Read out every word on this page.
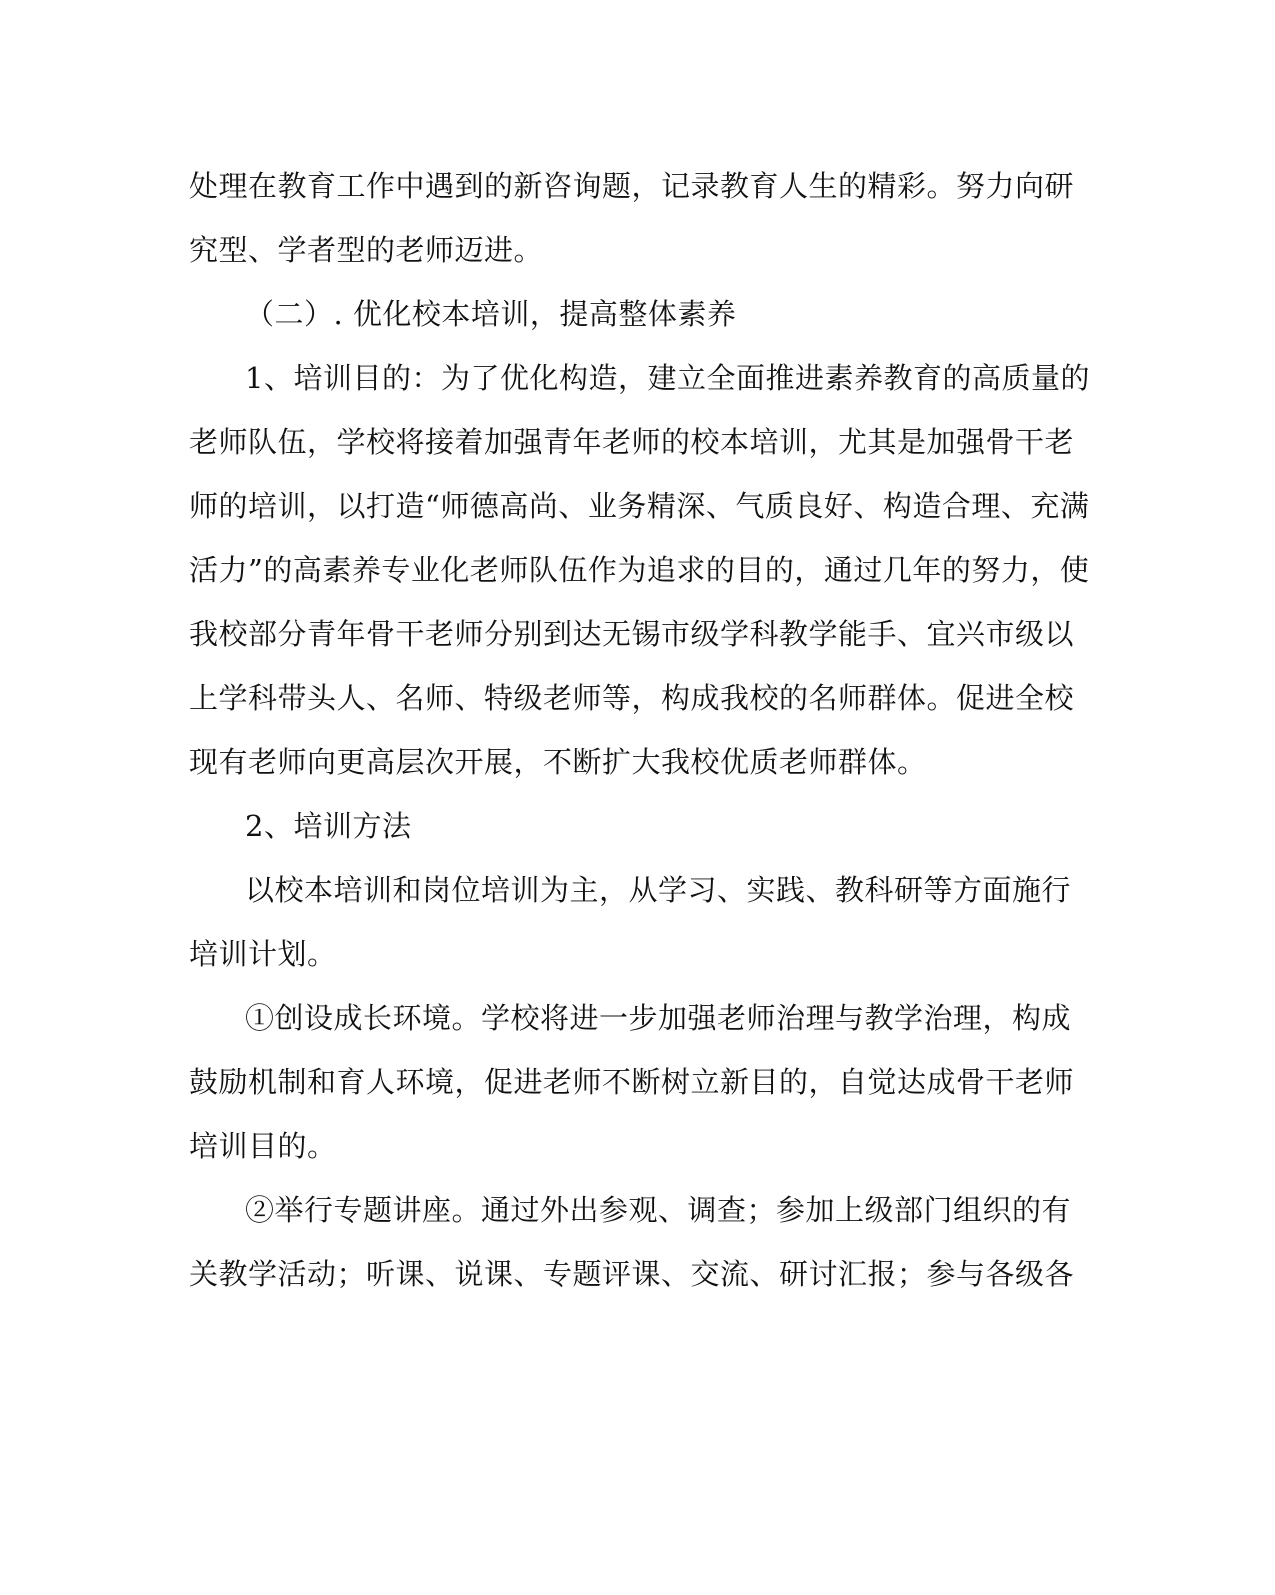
处理在教育工作中遇到的新咨询题，记录教育人生的精彩。努力向研
究型、学者型的老师迈进。
（二）. 优化校本培训，提高整体素养
1、培训目的：为了优化构造，建立全面推进素养教育的高质量的
老师队伍，学校将接着加强青年老师的校本培训，尤其是加强骨干老
师的培训，以打造“师德高尚、业务精深、气质良好、构造合理、充满
活力”的高素养专业化老师队伍作为追求的目的，通过几年的努力，使
我校部分青年骨干老师分别到达无锡市级学科教学能手、宜兴市级以
上学科带头人、名师、特级老师等，构成我校的名师群体。促进全校
现有老师向更高层次开展，不断扩大我校优质老师群体。
2、培训方法
以校本培训和岗位培训为主，从学习、实践、教科研等方面施行
培训计划。
①创设成长环境。学校将进一步加强老师治理与教学治理，构成
鼓励机制和育人环境，促进老师不断树立新目的，自觉达成骨干老师
培训目的。
②举行专题讲座。通过外出参观、调查；参加上级部门组织的有
关教学活动；听课、说课、专题评课、交流、研讨汇报；参与各级各
